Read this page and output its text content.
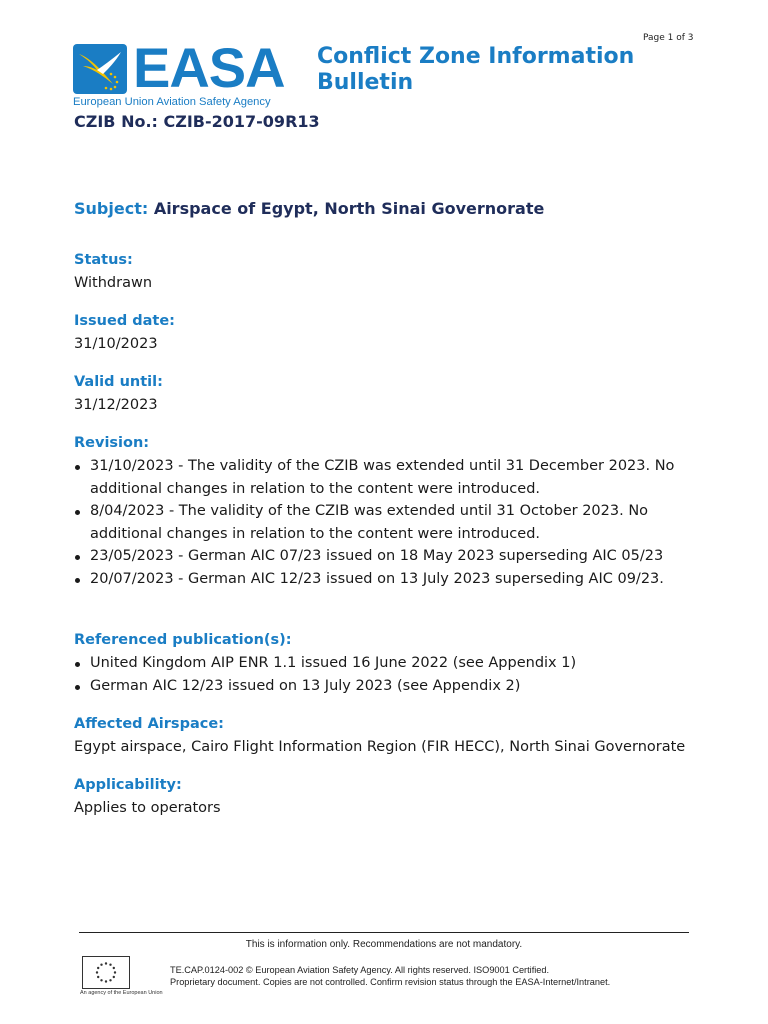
Page 1 of 3
EASA
European Union Aviation Safety Agency
Conflict Zone Information Bulletin
CZIB No.: CZIB-2017-09R13
Subject: Airspace of Egypt, North Sinai Governorate
Status:
Withdrawn
Issued date:
31/10/2023
Valid until:
31/12/2023
Revision:
31/10/2023 - The validity of the CZIB was extended until 31 December 2023. No additional changes in relation to the content were introduced.
8/04/2023 - The validity of the CZIB was extended until 31 October 2023. No additional changes in relation to the content were introduced.
23/05/2023 - German AIC 07/23 issued on 18 May 2023 superseding AIC 05/23
20/07/2023 - German AIC 12/23 issued on 13 July 2023 superseding AIC 09/23.
Referenced publication(s):
United Kingdom AIP ENR 1.1 issued 16 June 2022 (see Appendix 1)
German AIC 12/23 issued on 13 July 2023 (see Appendix 2)
Affected Airspace:
Egypt airspace, Cairo Flight Information Region (FIR HECC), North Sinai Governorate
Applicability:
Applies to operators
This is information only. Recommendations are not mandatory.
An agency of the European Union
TE.CAP.0124-002 © European Aviation Safety Agency. All rights reserved. ISO9001 Certified.
Proprietary document. Copies are not controlled. Confirm revision status through the EASA-Internet/Intranet.
